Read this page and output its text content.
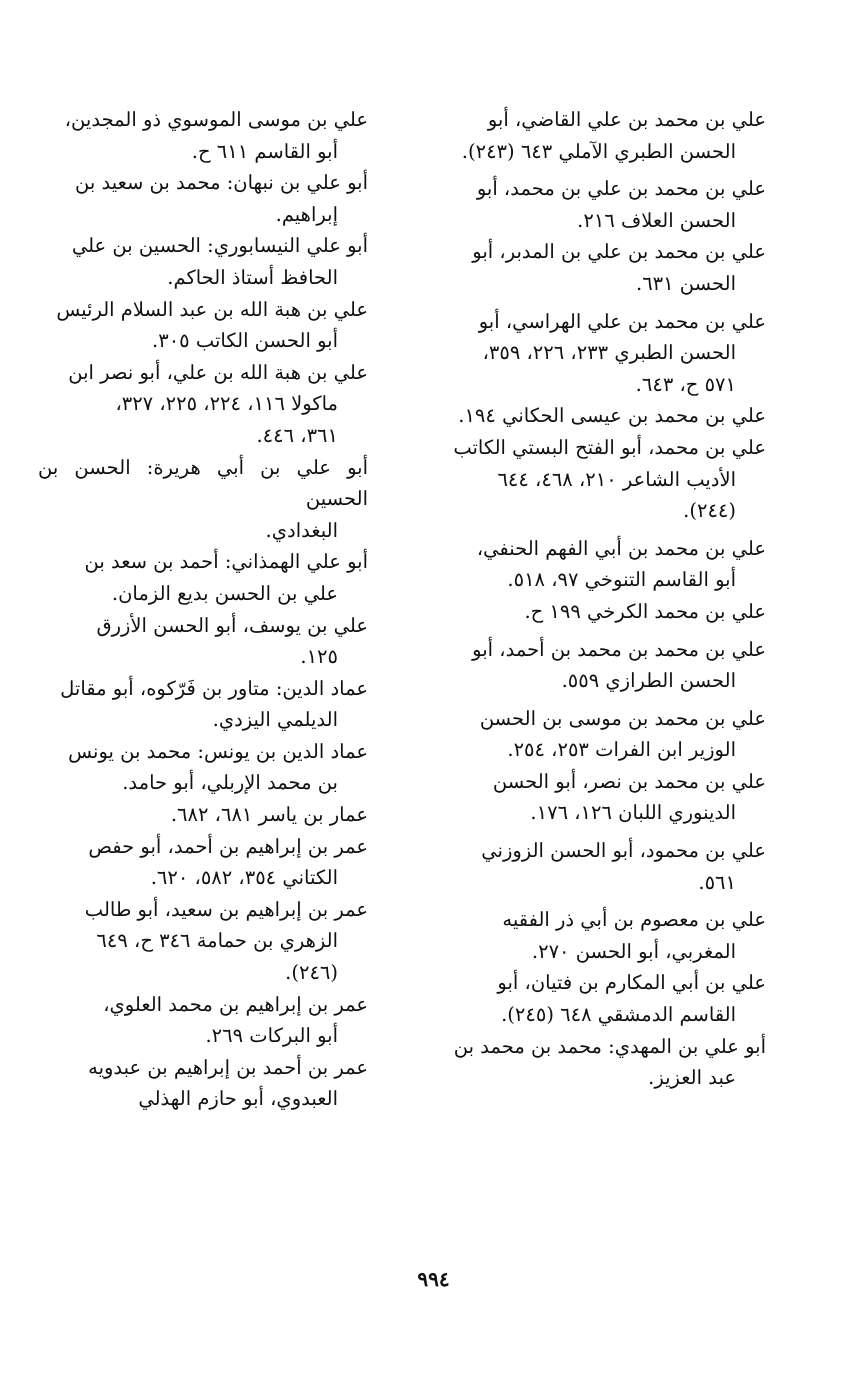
علي بن محمد بن علي القاضي، أبو
الحسن الطبري الآملي ٦٤٣ (٢٤٣).
علي بن محمد بن علي بن محمد، أبو
الحسن العلاف ٢١٦.
علي بن محمد بن علي بن المدبر، أبو
الحسن ٦٣١.
علي بن محمد بن علي الهراسي، أبو
الحسن الطبري ٢٣٣، ٢٢٦، ٣٥٩،
٥٧١ ح، ٦٤٣.
علي بن محمد بن عيسى الحكاني ١٩٤.
علي بن محمد، أبو الفتح البستي الكاتب
الأديب الشاعر ٢١٠، ٤٦٨، ٦٤٤
(٢٤٤).
علي بن محمد بن أبي الفهم الحنفي،
أبو القاسم التنوخي ٩٧، ٥١٨.
علي بن محمد الكرخي ١٩٩ ح.
علي بن محمد بن محمد بن أحمد، أبو
الحسن الطرازي ٥٥٩.
علي بن محمد بن موسى بن الحسن
الوزير ابن الفرات ٢٥٣، ٢٥٤.
علي بن محمد بن نصر، أبو الحسن
الدينوري اللبان ١٢٦، ١٧٦.
علي بن محمود، أبو الحسن الزوزني
٥٦١.
علي بن معصوم بن أبي ذر الفقيه
المغربي، أبو الحسن ٢٧٠.
علي بن أبي المكارم بن فتيان، أبو
القاسم الدمشقي ٦٤٨ (٢٤٥).
أبو علي بن المهدي: محمد بن محمد بن
عبد العزيز.
علي بن موسى الموسوي ذو المجدين،
أبو القاسم ٦١١ ح.
أبو علي بن نبهان: محمد بن سعيد بن
إبراهيم.
أبو علي النيسابوري: الحسين بن علي
الحافظ أستاذ الحاكم.
علي بن هبة الله بن عبد السلام الرئيس
أبو الحسن الكاتب ٣٠٥.
علي بن هبة الله بن علي، أبو نصر ابن
ماكولا ١١٦، ٢٢٤، ٢٢٥، ٣٢٧،
٣٦١، ٤٤٦.
أبو علي بن أبي هريرة: الحسن بن الحسين
البغدادي.
أبو علي الهمذاني: أحمد بن سعد بن
علي بن الحسن بديع الزمان.
علي بن يوسف، أبو الحسن الأزرق
١٢٥.
عماد الدين: متاور بن فَرّكوه، أبو مقاتل
الديلمي اليزدي.
عماد الدين بن يونس: محمد بن يونس
بن محمد الإربلي، أبو حامد.
عمار بن ياسر ٦٨١، ٦٨٢.
عمر بن إبراهيم بن أحمد، أبو حفص
الكتاني ٣٥٤، ٥٨٢، ٦٢٠.
عمر بن إبراهيم بن سعيد، أبو طالب
الزهري بن حمامة ٣٤٦ ح، ٦٤٩
(٢٤٦).
عمر بن إبراهيم بن محمد العلوي،
أبو البركات ٢٦٩.
عمر بن أحمد بن إبراهيم بن عبدويه
العبدوي، أبو حازم الهذلي
٩٩٤
